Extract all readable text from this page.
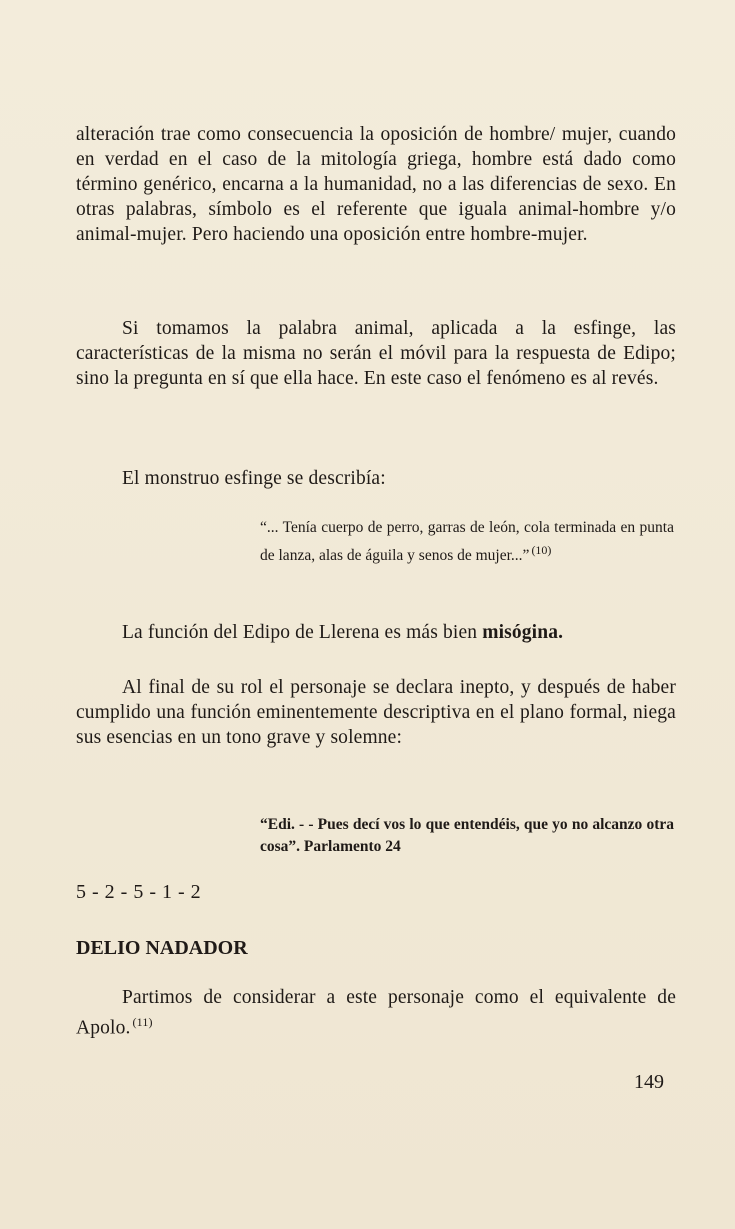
alteración trae como consecuencia la oposición de hombre/ mujer, cuando en verdad en el caso de la mitología griega, hombre está dado como término genérico, encarna a la humanidad, no a las diferencias de sexo. En otras palabras, símbolo es el referente que iguala animal-hombre y/o animal-mujer. Pero haciendo una oposición entre hombre-mujer.

Si tomamos la palabra animal, aplicada a la esfinge, las características de la misma no serán el móvil para la respuesta de Edipo; sino la pregunta en sí que ella hace. En este caso el fenómeno es al revés.

El monstruo esfinge se describía:

“... Tenía cuerpo de perro, garras de león, cola terminada en punta de lanza, alas de águila y senos de mujer...” $^{(10)}$

La función del Edipo de Llerena es más bien misógina.

Al final de su rol el personaje se declara inepto, y después de haber cumplido una función eminentemente descriptiva en el plano formal, niega sus esencias en un tono grave y solemne:

“Edi. - - Pues decí vos lo que entendéis, que yo no alcanzo otra cosa”. Parlamento 24
5 - 2 - 5 - 1 - 2
DELIO NADADOR

Partimos de considerar a este personaje como el equivalente de Apolo. $^{(11)}$

149
